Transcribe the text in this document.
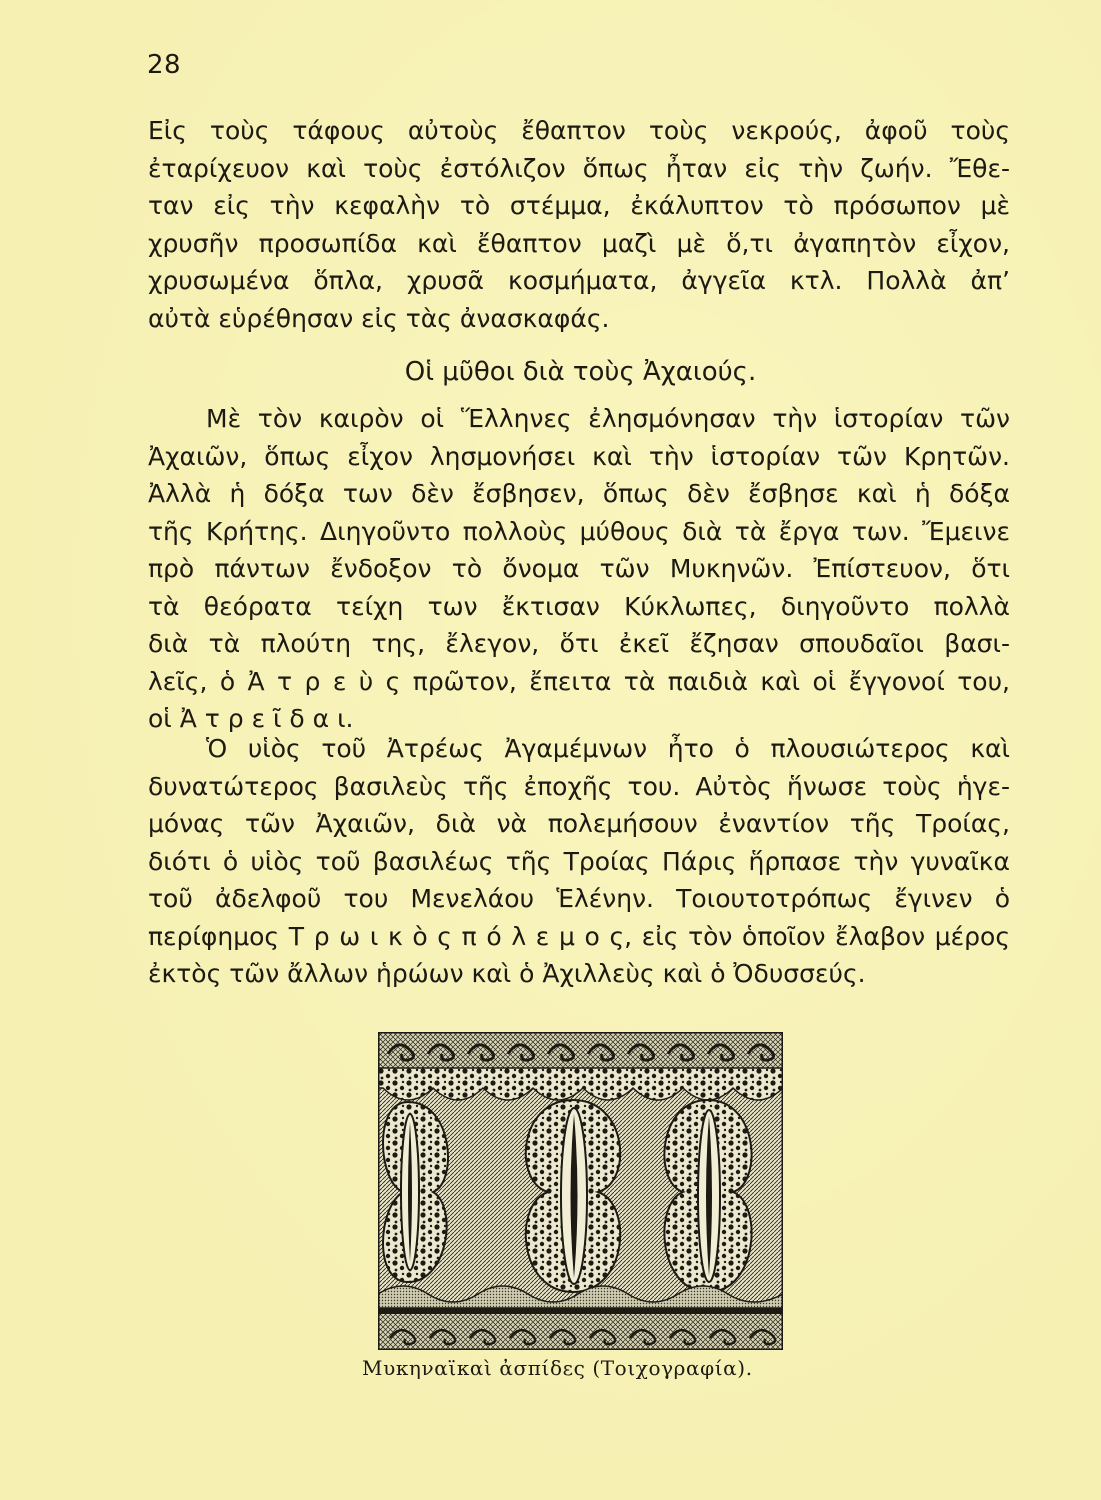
28
Εἰς τοὺς τάφους αὐτοὺς ἔθαπτον τοὺς νεκρούς, ἀφοῦ τοὺς
ἐταρίχευον καὶ τοὺς ἐστόλιζον ὅπως ἦταν εἰς τὴν ζωήν. Ἔθε-
ταν εἰς τὴν κεφαλὴν τὸ στέμμα, ἐκάλυπτον τὸ πρόσωπον μὲ
χρυσῆν προσωπίδα καὶ ἔθαπτον μαζὶ μὲ ὅ,τι ἀγαπητὸν εἶχον,
χρυσωμένα ὅπλα, χρυσᾶ κοσμήματα, ἀγγεῖα κτλ. Πολλὰ ἀπ’
αὐτὰ εὑρέθησαν εἰς τὰς ἀνασκαφάς.
Οἱ μῦθοι διὰ τοὺς Ἀχαιούς.
Μὲ τὸν καιρὸν οἱ Ἕλληνες ἐλησμόνησαν τὴν ἱστορίαν τῶν
Ἀχαιῶν, ὅπως εἶχον λησμονήσει καὶ τὴν ἱστορίαν τῶν Κρητῶν.
Ἀλλὰ ἡ δόξα των δὲν ἔσβησεν, ὅπως δὲν ἔσβησε καὶ ἡ δόξα
τῆς Κρήτης. Διηγοῦντο πολλοὺς μύθους διὰ τὰ ἔργα των. Ἔμεινε
πρὸ πάντων ἔνδοξον τὸ ὄνομα τῶν Μυκηνῶν. Ἐπίστευον, ὅτι
τὰ θεόρατα τείχη των ἔκτισαν Κύκλωπες, διηγοῦντο πολλὰ
διὰ τὰ πλούτη της, ἔλεγον, ὅτι ἐκεῖ ἔζησαν σπουδαῖοι βασι-
λεῖς, ὁ Ἀ τ ρ ε ὺ ς πρῶτον, ἔπειτα τὰ παιδιὰ καὶ οἱ ἔγγονοί του,
οἱ Ἀ τ ρ ε ῖ δ α ι.
Ὁ υἱὸς τοῦ Ἀτρέως Ἀγαμέμνων ἦτο ὁ πλουσιώτερος καὶ
δυνατώτερος βασιλεὺς τῆς ἐποχῆς του. Αὐτὸς ἥνωσε τοὺς ἡγε-
μόνας τῶν Ἀχαιῶν, διὰ νὰ πολεμήσουν ἐναντίον τῆς Τροίας,
διότι ὁ υἱὸς τοῦ βασιλέως τῆς Τροίας Πάρις ἥρπασε τὴν γυναῖκα
τοῦ ἀδελφοῦ του Μενελάου Ἑλένην. Τοιουτοτρόπως ἔγινεν ὁ
περίφημος Τ ρ ω ι κ ὸ ς π ό λ ε μ ο ς, εἰς τὸν ὁποῖον ἔλαβον μέρος
ἐκτὸς τῶν ἄλλων ἡρώων καὶ ὁ Ἀχιλλεὺς καὶ ὁ Ὀδυσσεύς.
Μυκηναϊκαὶ ἀσπίδες (Τοιχογραφία).
